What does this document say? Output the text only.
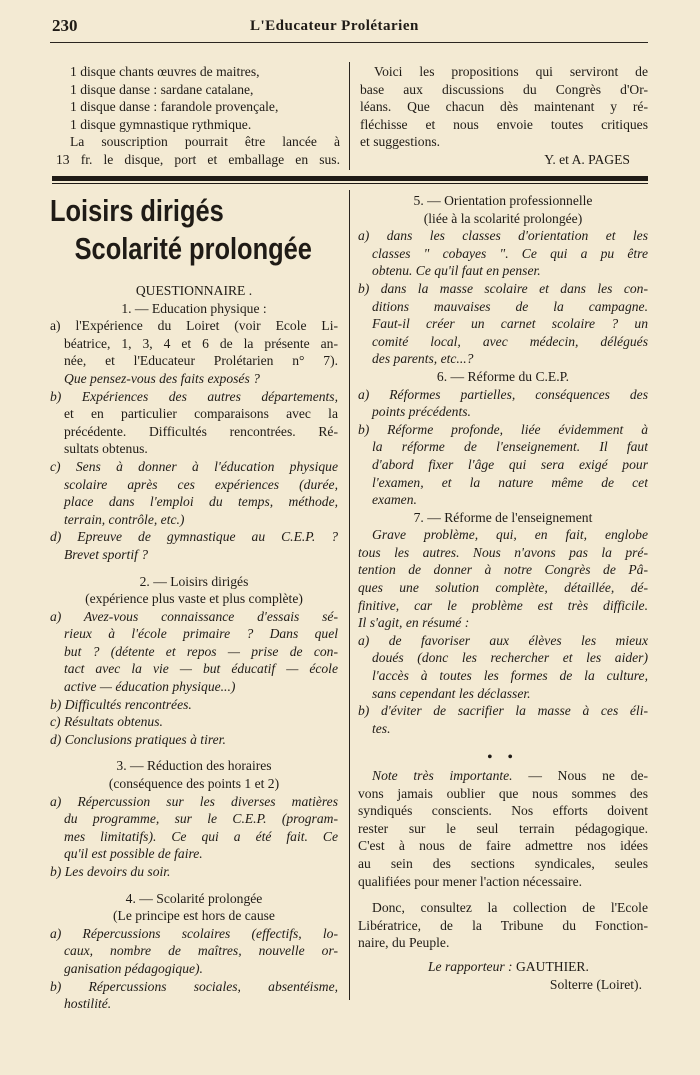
230	L'Educateur Prolétarien
1 disque chants œuvres de maitres,
1 disque danse : sardane catalane,
1 disque danse : farandole provençale,
1 disque gymnastique rythmique.
La souscription pourrait être lancée à
13 fr. le disque, port et emballage en sus.
Voici les propositions qui serviront de
base aux discussions du Congrès d'Or-
léans. Que chacun dès maintenant y ré-
fléchisse et nous envoie toutes critiques
et suggestions.
Y. et A. PAGES
Loisirs dirigés
Scolarité prolongée
QUESTIONNAIRE .
1. — Education physique :
a) l'Expérience du Loiret (voir Ecole Li-
béatrice, 1, 3, 4 et 6 de la présente an-
née, et l'Educateur Prolétarien n° 7).
Que pensez-vous des faits exposés ?
b) Expériences des autres départements,
et en particulier comparaisons avec la
précédente. Difficultés rencontrées. Ré-
sultats obtenus.
c) Sens à donner à l'éducation physique
scolaire après ces expériences (durée,
place dans l'emploi du temps, méthode,
terrain, contrôle, etc.)
d) Epreuve de gymnastique au C.E.P. ?
Brevet sportif ?
2. — Loisirs dirigés
(expérience plus vaste et plus complète)
a) Avez-vous connaissance d'essais sé-
rieux à l'école primaire ? Dans quel
but ? (détente et repos — prise de con-
tact avec la vie — but éducatif — école
active — éducation physique...)
b) Difficultés rencontrées.
c) Résultats obtenus.
d) Conclusions pratiques à tirer.
3. — Réduction des horaires
(conséquence des points 1 et 2)
a) Répercussion sur les diverses matières
du programme, sur le C.E.P. (program-
mes limitatifs). Ce qui a été fait. Ce
qu'il est possible de faire.
b) Les devoirs du soir.
4. — Scolarité prolongée
(Le principe est hors de cause
a) Répercussions scolaires (effectifs, lo-
caux, nombre de maîtres, nouvelle or-
ganisation pédagogique).
b) Répercussions sociales, absentéisme,
hostilité.
5. — Orientation professionnelle
(liée à la scolarité prolongée)
a) dans les classes d'orientation et les
classes " cobayes ". Ce qui a pu être
obtenu. Ce qu'il faut en penser.
b) dans la masse scolaire et dans les con-
ditions mauvaises de la campagne.
Faut-il créer un carnet scolaire ? un
comité local, avec médecin, délégués
des parents, etc...?
6. — Réforme du C.E.P.
a) Réformes partielles, conséquences des
points précédents.
b) Réforme profonde, liée évidemment à
la réforme de l'enseignement. Il faut
d'abord fixer l'âge qui sera exigé pour
l'examen, et la nature même de cet
examen.
7. — Réforme de l'enseignement
Grave problème, qui, en fait, englobe
tous les autres. Nous n'avons pas la pré-
tention de donner à notre Congrès de Pâ-
ques une solution complète, détaillée, dé-
finitive, car le problème est très difficile.
Il s'agit, en résumé :
a) de favoriser aux élèves les mieux
doués (donc les rechercher et les aider)
l'accès à toutes les formes de la culture,
sans cependant les déclasser.
b) d'éviter de sacrifier la masse à ces éli-
tes.
• •
Note très importante. — Nous ne de-
vons jamais oublier que nous sommes des
syndiqués conscients. Nos efforts doivent
rester sur le seul terrain pédagogique.
C'est à nous de faire admettre nos idées
au sein des sections syndicales, seules
qualifiées pour mener l'action nécessaire.
Donc, consultez la collection de l'Ecole
Libératrice, de la Tribune du Fonction-
naire, du Peuple.
Le rapporteur : GAUTHIER.
Solterre (Loiret).
